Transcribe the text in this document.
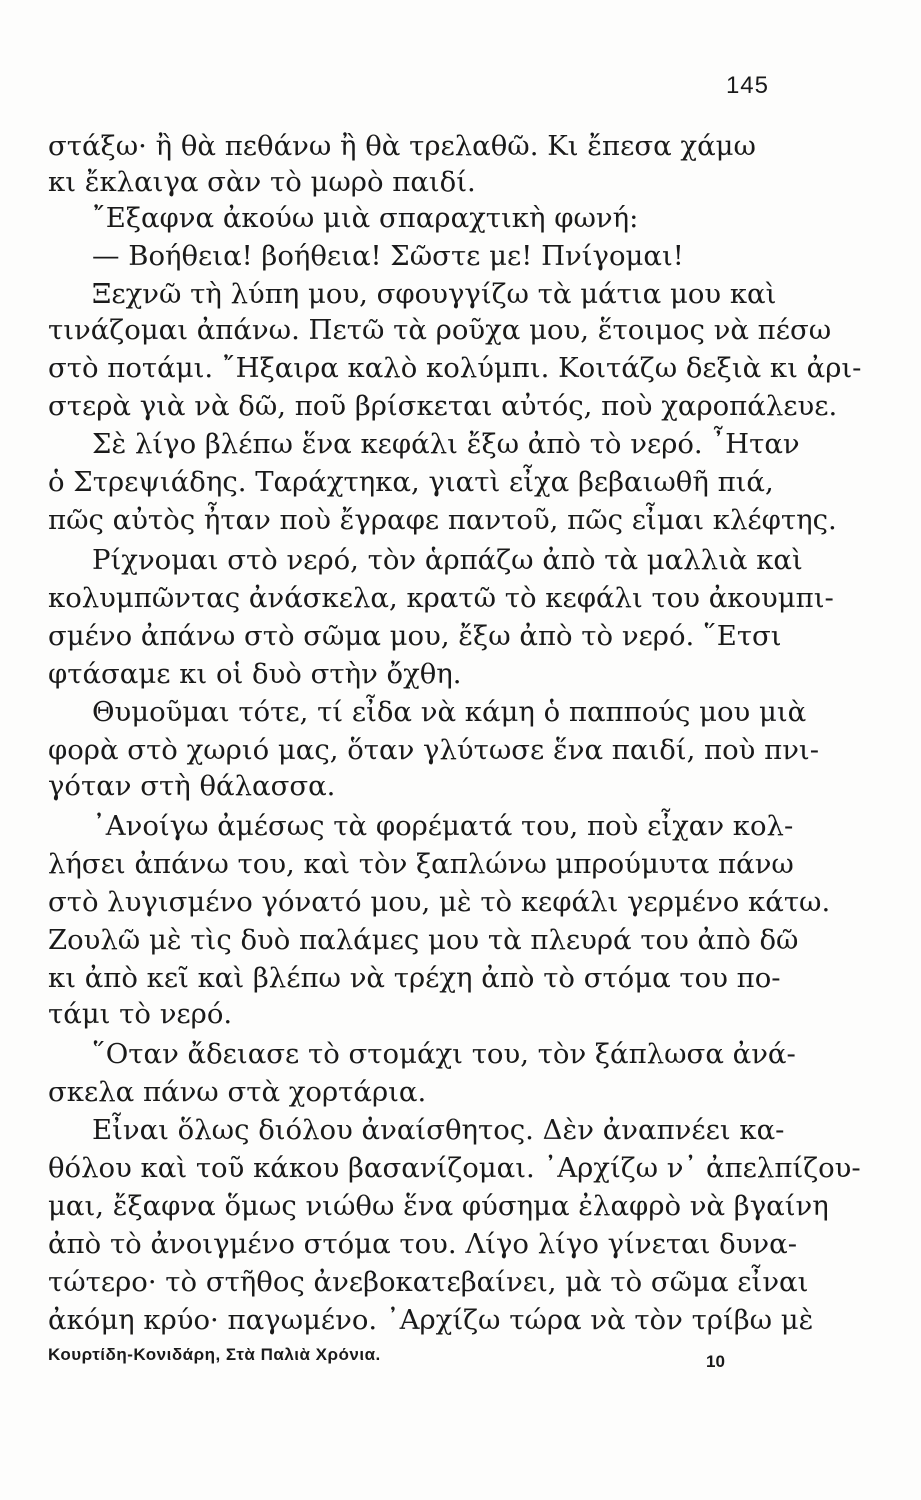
145
στάξω· ἢ θὰ πεθάνω ἢ θὰ τρελαθῶ. Κι ἔπεσα χάμω
κι ἔκλαιγα σὰν τὸ μωρὸ παιδί.
῎Εξαφνα ἀκούω μιὰ σπαραχτικὴ φωνή:
— Βοήθεια! βοήθεια! Σῶστε με! Πνίγομαι!
Ξεχνῶ τὴ λύπη μου, σφουγγίζω τὰ μάτια μου καὶ
τινάζομαι ἀπάνω. Πετῶ τὰ ροῦχα μου, ἕτοιμος νὰ πέσω
στὸ ποτάμι. ῎Ηξαιρα καλὸ κολύμπι. Κοιτάζω δεξιὰ κι ἀρι-
στερὰ γιὰ νὰ δῶ, ποῦ βρίσκεται αὐτός, ποὺ χαροπάλευε.
Σὲ λίγο βλέπω ἕνα κεφάλι ἔξω ἀπὸ τὸ νερό. ῏Ηταν
ὁ Στρεψιάδης. Ταράχτηκα, γιατὶ εἶχα βεβαιωθῆ πιά,
πῶς αὐτὸς ἦταν ποὺ ἔγραφε παντοῦ, πῶς εἶμαι κλέφτης.
Ρίχνομαι στὸ νερό, τὸν ἁρπάζω ἀπὸ τὰ μαλλιὰ καὶ
κολυμπῶντας ἀνάσκελα, κρατῶ τὸ κεφάλι του ἀκουμπι-
σμένο ἀπάνω στὸ σῶμα μου, ἔξω ἀπὸ τὸ νερό. ῞Ετσι
φτάσαμε κι οἱ δυὸ στὴν ὄχθη.
Θυμοῦμαι τότε, τί εἶδα νὰ κάμη ὁ παππούς μου μιὰ
φορὰ στὸ χωριό μας, ὅταν γλύτωσε ἕνα παιδί, ποὺ πνι-
γόταν στὴ θάλασσα.
᾿Ανοίγω ἀμέσως τὰ φορέματά του, ποὺ εἶχαν κολ-
λήσει ἀπάνω του, καὶ τὸν ξαπλώνω μπρούμυτα πάνω
στὸ λυγισμένο γόνατό μου, μὲ τὸ κεφάλι γερμένο κάτω.
Ζουλῶ μὲ τὶς δυὸ παλάμες μου τὰ πλευρά του ἀπὸ δῶ
κι ἀπὸ κεῖ καὶ βλέπω νὰ τρέχη ἀπὸ τὸ στόμα του πο-
τάμι τὸ νερό.
῞Οταν ἄδειασε τὸ στομάχι του, τὸν ξάπλωσα ἀνά-
σκελα πάνω στὰ χορτάρια.
Εἶναι ὅλως διόλου ἀναίσθητος. Δὲν ἀναπνέει κα-
θόλου καὶ τοῦ κάκου βασανίζομαι. ᾿Αρχίζω ν᾿ ἀπελπίζου-
μαι, ἔξαφνα ὅμως νιώθω ἕνα φύσημα ἐλαφρὸ νὰ βγαίνη
ἀπὸ τὸ ἀνοιγμένο στόμα του. Λίγο λίγο γίνεται δυνα-
τώτερο· τὸ στῆθος ἀνεβοκατεβαίνει, μὰ τὸ σῶμα εἶναι
ἀκόμη κρύο· παγωμένο. ᾿Αρχίζω τώρα νὰ τὸν τρίβω μὲ
Κουρτίδη-Κονιδάρη, Στὰ Παλιὰ Χρόνια.	10
